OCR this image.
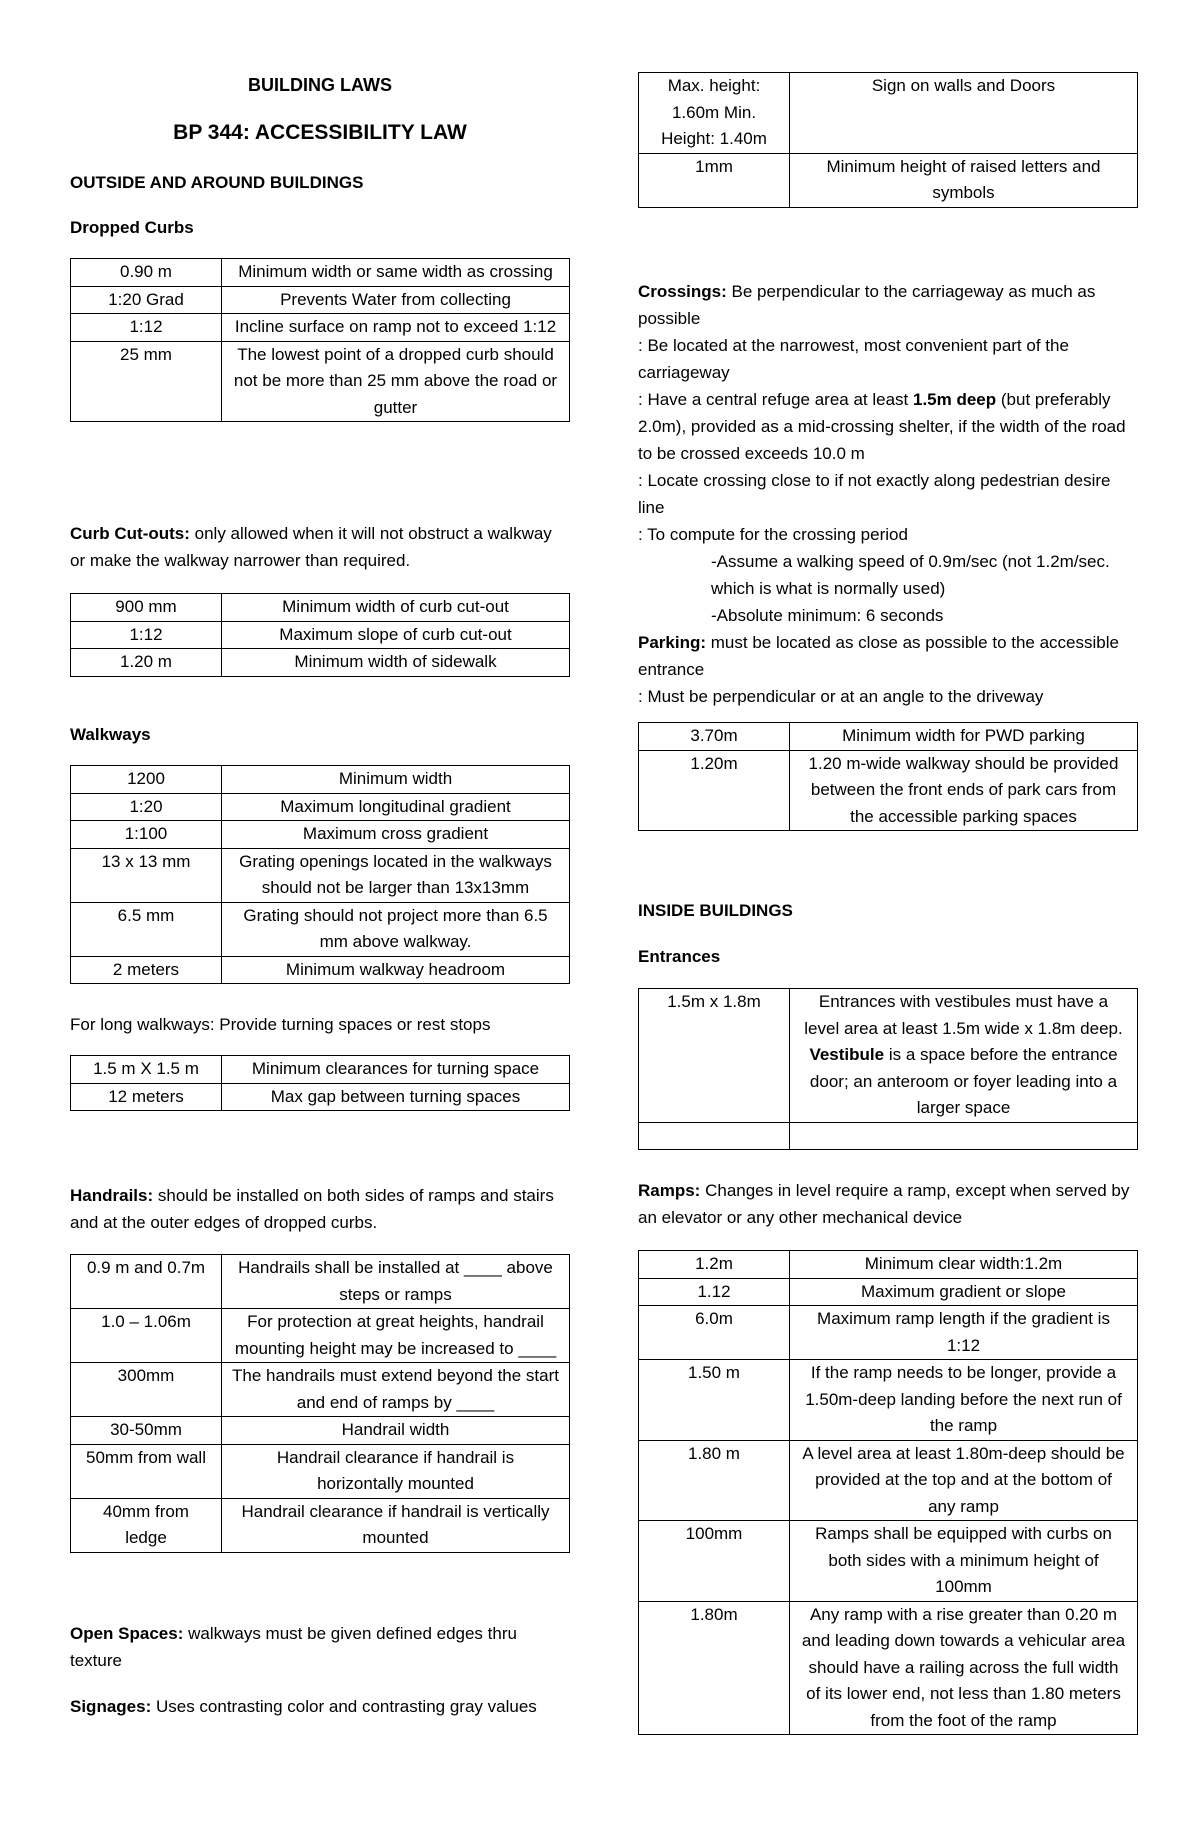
BUILDING LAWS
BP 344: ACCESSIBILITY LAW
OUTSIDE AND AROUND BUILDINGS
Dropped Curbs
0.90 m	Minimum width or same width as crossing
1:20 Grad	Prevents Water from collecting
1:12	Incline surface on ramp not to exceed 1:12
25 mm	The lowest point of a dropped curb should not be more than 25 mm above the road or gutter
Curb Cut-outs: only allowed when it will not obstruct a walkway or make the walkway narrower than required.
900 mm	Minimum width of curb cut-out
1:12	Maximum slope of curb cut-out
1.20 m	Minimum width of sidewalk
Walkways
1200	Minimum width
1:20	Maximum longitudinal gradient
1:100	Maximum cross gradient
13 x 13 mm	Grating openings located in the walkways should not be larger than 13x13mm
6.5 mm	Grating should not project more than 6.5 mm above walkway.
2 meters	Minimum walkway headroom
For long walkways: Provide turning spaces or rest stops
1.5 m X 1.5 m	Minimum clearances for turning space
12 meters	Max gap between turning spaces
Handrails: should be installed on both sides of ramps and stairs and at the outer edges of dropped curbs.
0.9 m and 0.7m	Handrails shall be installed at ____ above steps or ramps
1.0 – 1.06m	For protection at great heights, handrail mounting height may be increased to ____
300mm	The handrails must extend beyond the start and end of ramps by ____
30-50mm	Handrail width
50mm from wall	Handrail clearance if handrail is horizontally mounted
40mm from ledge	Handrail clearance if handrail is vertically mounted
Open Spaces: walkways must be given defined edges thru texture
Signages: Uses contrasting color and contrasting gray values
Max. height: 1.60m Min. Height: 1.40m	Sign on walls and Doors
1mm	Minimum height of raised letters and symbols
Crossings: Be perpendicular to the carriageway as much as possible
: Be located at the narrowest, most convenient part of the carriageway
: Have a central refuge area at least 1.5m deep (but preferably 2.0m), provided as a mid-crossing shelter, if the width of the road to be crossed exceeds 10.0 m
: Locate crossing close to if not exactly along pedestrian desire line
: To compute for the crossing period
-Assume a walking speed of 0.9m/sec (not 1.2m/sec. which is what is normally used)
-Absolute minimum: 6 seconds
Parking: must be located as close as possible to the accessible entrance
: Must be perpendicular or at an angle to the driveway
3.70m	Minimum width for PWD parking
1.20m	1.20 m-wide walkway should be provided between the front ends of park cars from the accessible parking spaces
INSIDE BUILDINGS
Entrances
1.5m x 1.8m	Entrances with vestibules must have a level area at least 1.5m wide x 1.8m deep.
Vestibule is a space before the entrance door; an anteroom or foyer leading into a larger space

Ramps: Changes in level require a ramp, except when served by an elevator or any other mechanical device
1.2m	Minimum clear width:1.2m
1.12	Maximum gradient or slope
6.0m	Maximum ramp length if the gradient is 1:12
1.50 m	If the ramp needs to be longer, provide a 1.50m-deep landing before the next run of the ramp
1.80 m	A level area at least 1.80m-deep should be provided at the top and at the bottom of any ramp
100mm	Ramps shall be equipped with curbs on both sides with a minimum height of 100mm
1.80m	Any ramp with a rise greater than 0.20 m and leading down towards a vehicular area should have a railing across the full width of its lower end, not less than 1.80 meters from the foot of the ramp
